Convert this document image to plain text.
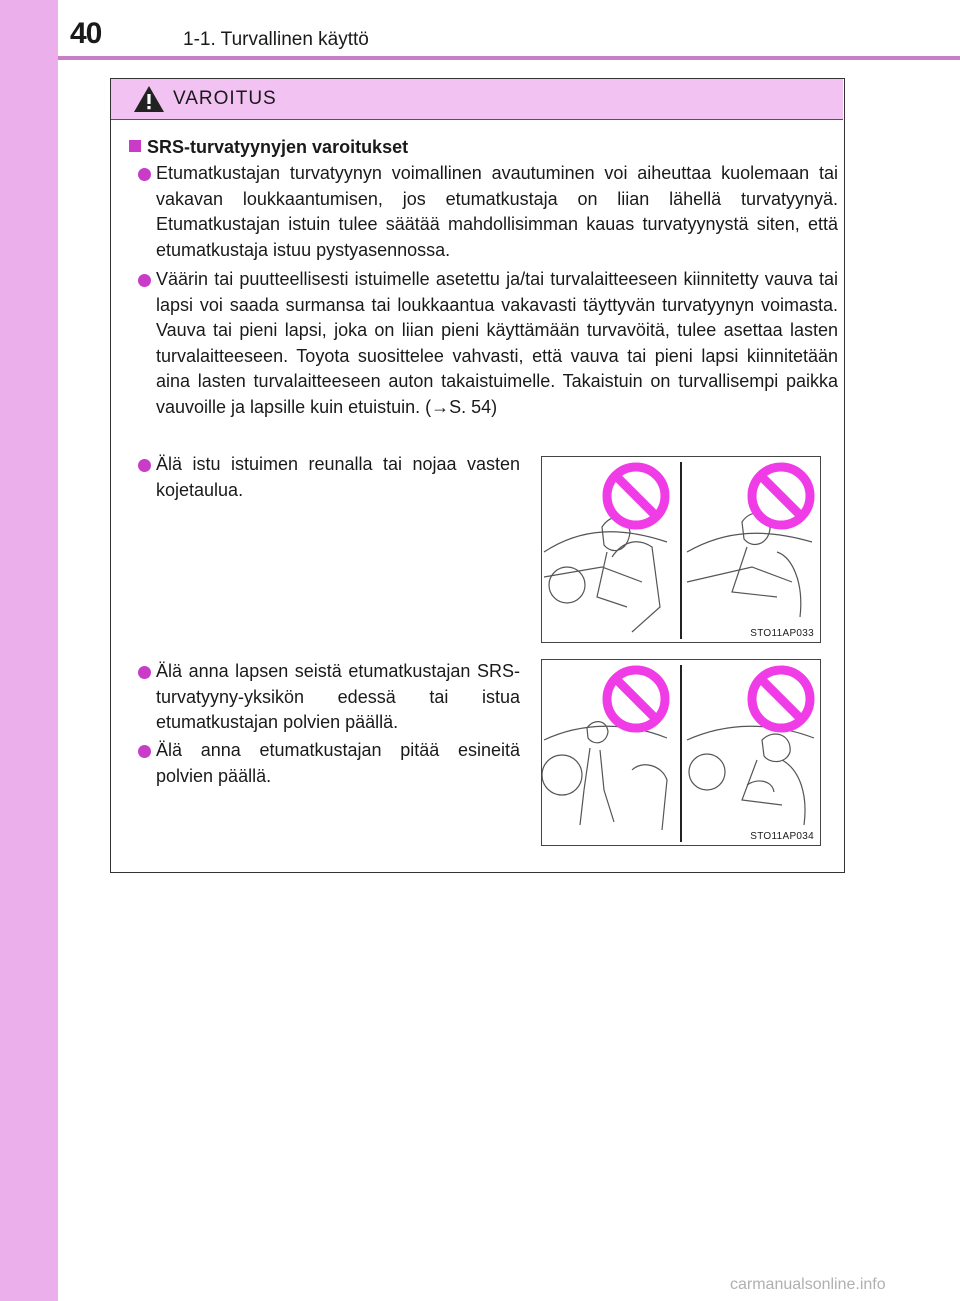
40	1-1. Turvallinen käyttö
VAROITUS
SRS-turvatyynyjen varoitukset
Etumatkustajan turvatyynyn voimallinen avautuminen voi aiheuttaa kuolemaan tai vakavan loukkaantumisen, jos etumatkustaja on liian lähellä turvatyynyä. Etumatkustajan istuin tulee säätää mahdollisimman kauas turvatyynystä siten, että etumatkustaja istuu pystyasennossa.
Väärin tai puutteellisesti istuimelle asetettu ja/tai turvalaitteeseen kiinnitetty vauva tai lapsi voi saada surmansa tai loukkaantua vakavasti täyttyvän turvatyynyn voimasta. Vauva tai pieni lapsi, joka on liian pieni käyttämään turvavöitä, tulee asettaa lasten turvalaitteeseen. Toyota suosittelee vahvasti, että vauva tai pieni lapsi kiinnitetään aina lasten turvalaitteeseen auton takaistuimelle. Takaistuin on turvallisempi paikka vauvoille ja lapsille kuin etuistuin. (→S. 54)
Älä istu istuimen reunalla tai nojaa vasten kojetaulua.
Älä anna lapsen seistä etumatkustajan SRS-turvatyyny-yksikön edessä tai istua etumatkustajan polvien päällä.
Älä anna etumatkustajan pitää esineitä polvien päällä.
STO11AP033
STO11AP034
carmanualsonline.info
